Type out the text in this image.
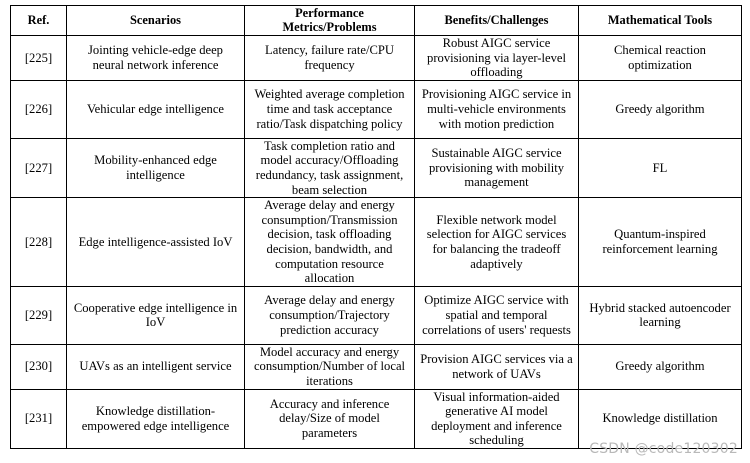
Ref.	Scenarios	Performance Metrics/Problems	Benefits/Challenges	Mathematical Tools
[225]	Jointing vehicle-edge deep neural network inference	Latency, failure rate/CPU frequency	Robust AIGC service provisioning via layer-level offloading	Chemical reaction optimization
[226]	Vehicular edge intelligence	Weighted average completion time and task acceptance ratio/Task dispatching policy	Provisioning AIGC service in multi-vehicle environments with motion prediction	Greedy algorithm
[227]	Mobility-enhanced edge intelligence	Task completion ratio and model accuracy/Offloading redundancy, task assignment, beam selection	Sustainable AIGC service provisioning with mobility management	FL
[228]	Edge intelligence-assisted IoV	Average delay and energy consumption/Transmission decision, task offloading decision, bandwidth, and computation resource allocation	Flexible network model selection for AIGC services for balancing the tradeoff adaptively	Quantum-inspired reinforcement learning
[229]	Cooperative edge intelligence in IoV	Average delay and energy consumption/Trajectory prediction accuracy	Optimize AIGC service with spatial and temporal correlations of users' requests	Hybrid stacked autoencoder learning
[230]	UAVs as an intelligent service	Model accuracy and energy consumption/Number of local iterations	Provision AIGC services via a network of UAVs	Greedy algorithm
[231]	Knowledge distillation-empowered edge intelligence	Accuracy and inference delay/Size of model parameters	Visual information-aided generative AI model deployment and inference scheduling	Knowledge distillation
CSDN @code120302
